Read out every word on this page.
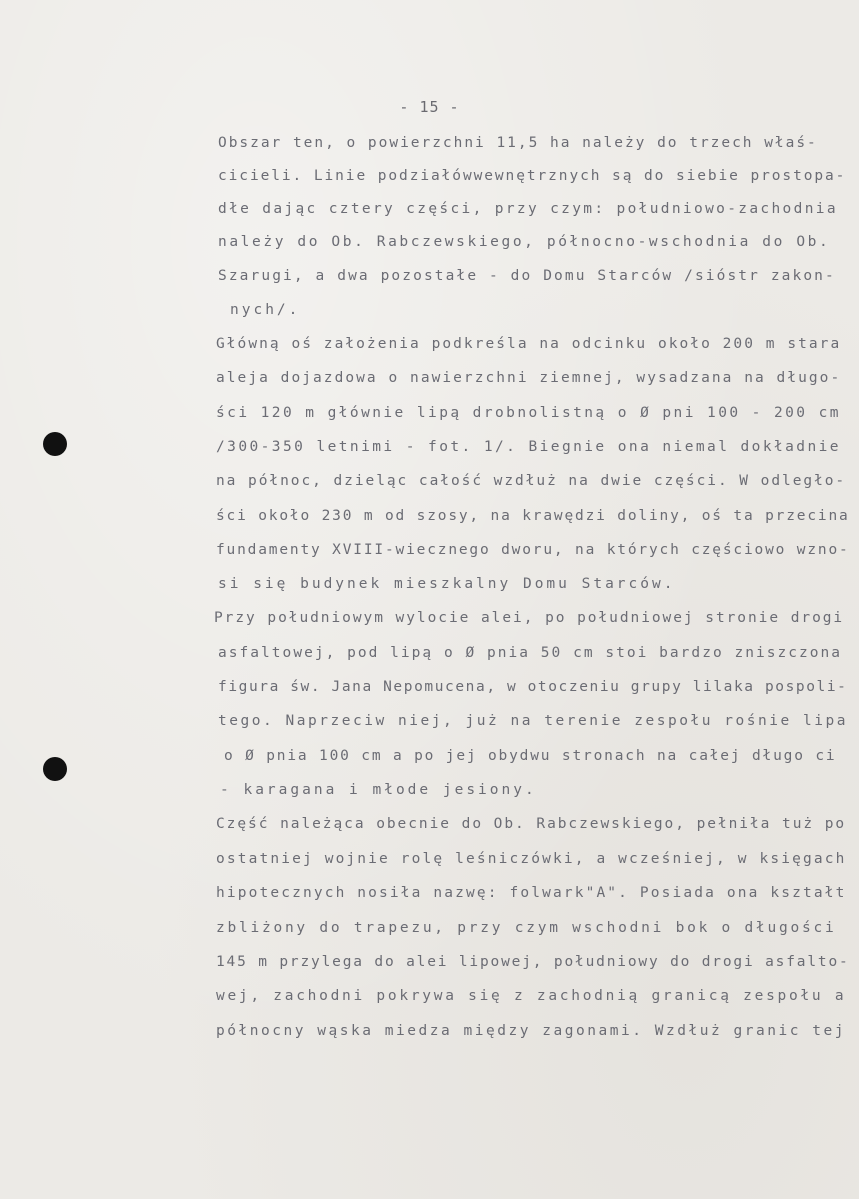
- 15 -
Obszar ten, o powierzchni 11,5 ha należy do trzech właś-
cicieli. Linie podziałówwewnętrznych są do siebie prostopa-
dłe dając cztery części, przy czym: południowo-zachodnia
należy do Ob. Rabczewskiego, północno-wschodnia do Ob.
Szarugi, a dwa pozostałe - do Domu Starców /sióstr zakon-
nych/.
Główną oś założenia podkreśla na odcinku około 200 m stara
aleja dojazdowa o nawierzchni ziemnej, wysadzana na długo-
ści 120 m głównie lipą drobnolistną o Ø pni 100 - 200 cm
/300-350 letnimi - fot. 1/. Biegnie ona niemal dokładnie
na północ, dzieląc całość wzdłuż na dwie części. W odległo-
ści około 230 m od szosy, na krawędzi doliny, oś ta przecina
fundamenty XVIII-wiecznego dworu, na których częściowo wzno-
si się budynek mieszkalny Domu Starców.
Przy południowym wylocie alei, po południowej stronie drogi
asfaltowej, pod lipą o Ø pnia 50 cm stoi bardzo zniszczona
figura św. Jana Nepomucena, w otoczeniu grupy lilaka pospoli-
tego. Naprzeciw niej, już na terenie zespołu rośnie lipa
o Ø pnia 100 cm a po jej obydwu stronach na całej długo ci
- karagana i młode jesiony.
Część należąca obecnie do Ob. Rabczewskiego, pełniła tuż po
ostatniej wojnie rolę leśniczówki, a wcześniej, w księgach
hipotecznych nosiła nazwę: folwark"A". Posiada ona kształt
zbliżony do trapezu, przy czym wschodni bok o długości
145 m przylega do alei lipowej, południowy do drogi asfalto-
wej, zachodni pokrywa się z zachodnią granicą zespołu a
północny wąska miedza między zagonami. Wzdłuż granic tej
